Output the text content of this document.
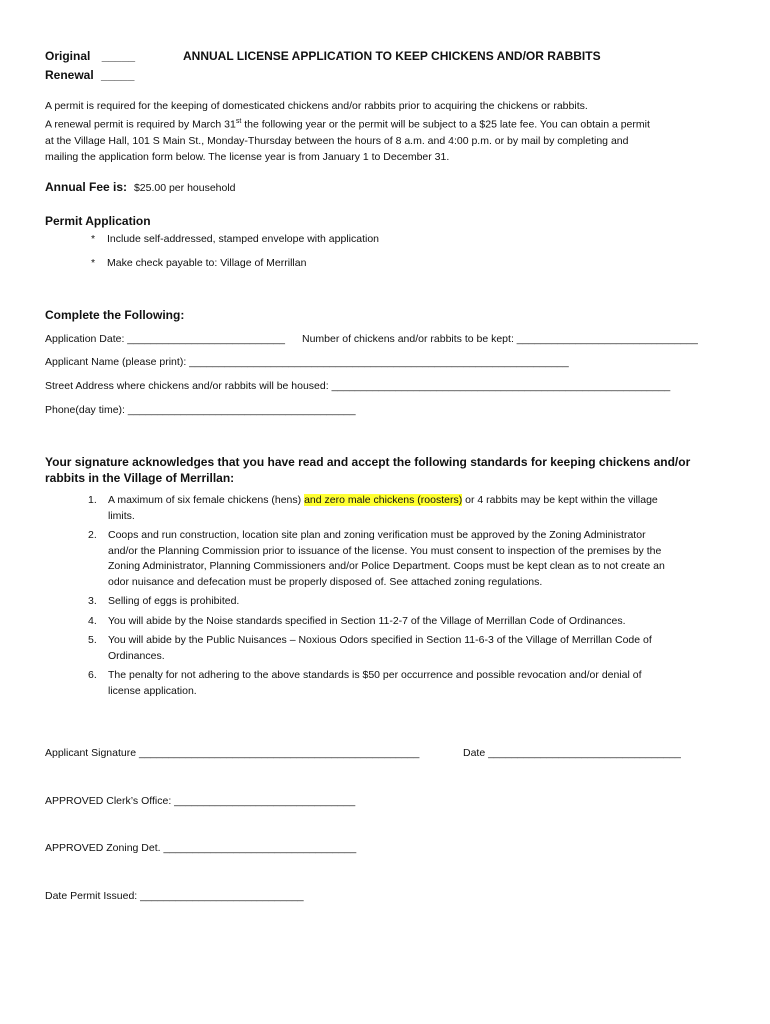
Original _____
Renewal _____
ANNUAL LICENSE APPLICATION TO KEEP CHICKENS AND/OR RABBITS
A permit is required for the keeping of domesticated chickens and/or rabbits prior to acquiring the chickens or rabbits.
A renewal permit is required by March 31st the following year or the permit will be subject to a $25 late fee. You can obtain a permit
at the Village Hall, 101 S Main St., Monday-Thursday between the hours of 8 a.m. and 4:00 p.m. or by mail by completing and
mailing the application form below. The license year is from January 1 to December 31.
Annual Fee is: $25.00 per household
Permit Application
* Include self-addressed, stamped envelope with application
* Make check payable to: Village of Merrillan
Complete the Following:
Application Date: ___________________________ Number of chickens and/or rabbits to be kept: _______________________________
Applicant Name (please print): _________________________________________________________________
Street Address where chickens and/or rabbits will be housed: __________________________________________________________
Phone(day time): _______________________________________
Your signature acknowledges that you have read and accept the following standards for keeping chickens and/or
rabbits in the Village of Merrillan:
1. A maximum of six female chickens (hens) and zero male chickens (roosters) or 4 rabbits may be kept within the village
limits.
2. Coops and run construction, location site plan and zoning verification must be approved by the Zoning Administrator
and/or the Planning Commission prior to issuance of the license. You must consent to inspection of the premises by the
Zoning Administrator, Planning Commissioners and/or Police Department. Coops must be kept clean as to not create an
odor nuisance and defecation must be properly disposed of. See attached zoning regulations.
3. Selling of eggs is prohibited.
4. You will abide by the Noise standards specified in Section 11-2-7 of the Village of Merrillan Code of Ordinances.
5. You will abide by the Public Nuisances – Noxious Odors specified in Section 11-6-3 of the Village of Merrillan Code of
Ordinances.
6. The penalty for not adhering to the above standards is $50 per occurrence and possible revocation and/or denial of
license application.
Applicant Signature ________________________________________________	Date _________________________________
APPROVED Clerk’s Office: _______________________________
APPROVED Zoning Det. _________________________________
Date Permit Issued: ____________________________
